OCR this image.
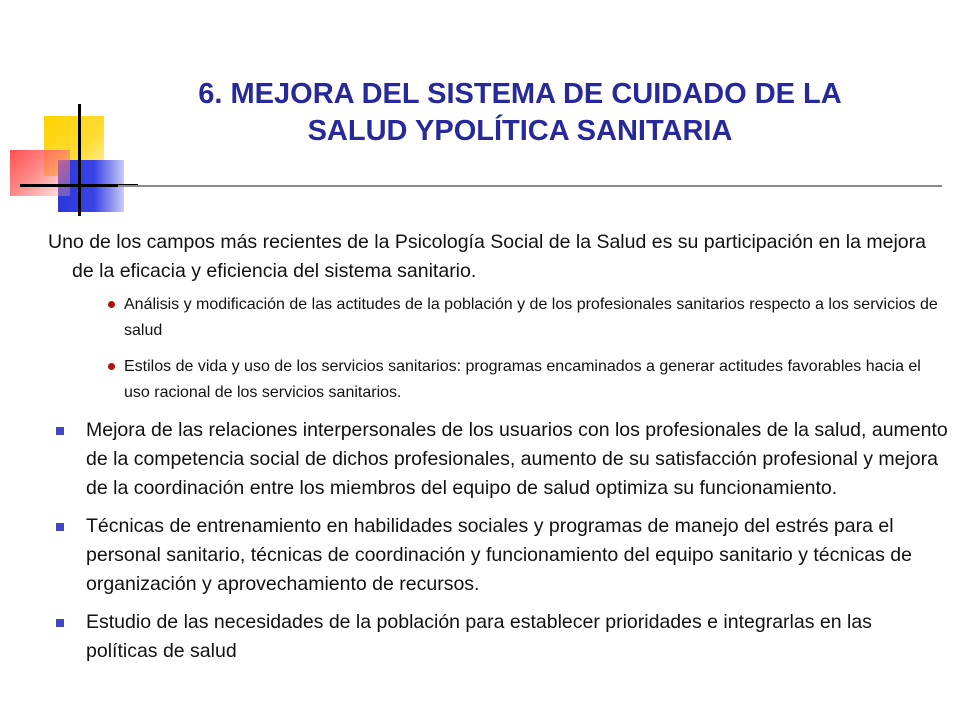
6. MEJORA DEL SISTEMA DE CUIDADO DE LA
SALUD YPOLÍTICA SANITARIA

Uno de los campos más recientes de la Psicología Social de la Salud es su participación en la mejora de la eficacia y eficiencia del sistema sanitario.

Análisis y modificación de las actitudes de la población y de los profesionales sanitarios respecto a los servicios de salud
Estilos de vida y uso de los servicios sanitarios: programas encaminados a generar actitudes favorables hacia el uso racional de los servicios sanitarios.
Mejora de las relaciones interpersonales de los usuarios con los profesionales de la salud, aumento de la competencia social de dichos profesionales, aumento de su satisfacción profesional y mejora de la coordinación entre los miembros del equipo de salud optimiza su funcionamiento.
Técnicas de entrenamiento en habilidades sociales y programas de manejo del estrés para el personal sanitario, técnicas de coordinación y funcionamiento del equipo sanitario y técnicas de organización y aprovechamiento de recursos.
Estudio de las necesidades de la población para establecer prioridades e integrarlas en las políticas de salud
